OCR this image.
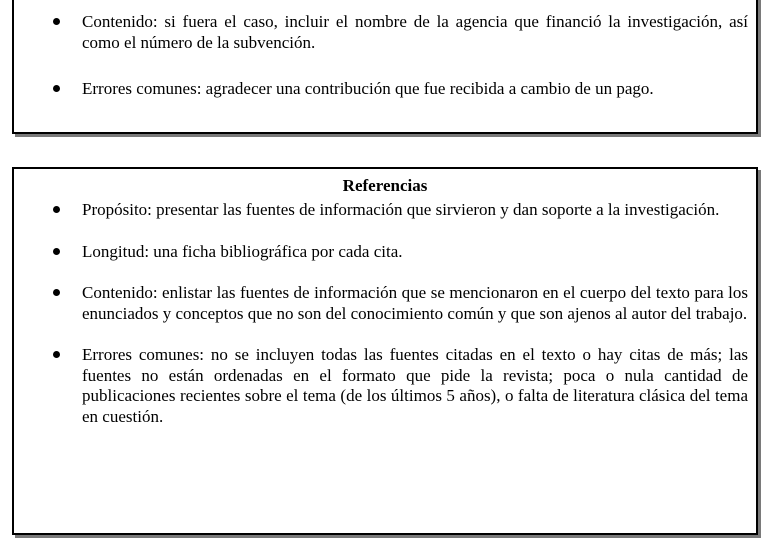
Contenido: si fuera el caso, incluir el nombre de la agencia que financió la investigación, así como el número de la subvención.
Errores comunes: agradecer una contribución que fue recibida a cambio de un pago.
Referencias
Propósito: presentar las fuentes de información que sirvieron y dan soporte a la investigación.
Longitud: una ficha bibliográfica por cada cita.
Contenido: enlistar las fuentes de información que se mencionaron en el cuerpo del texto para los enunciados y conceptos que no son del conocimiento común y que son ajenos al autor del trabajo.
Errores comunes: no se incluyen todas las fuentes citadas en el texto o hay citas de más; las fuentes no están ordenadas en el formato que pide la revista; poca o nula cantidad de publicaciones recientes sobre el tema (de los últimos 5 años), o falta de literatura clásica del tema en cuestión.
